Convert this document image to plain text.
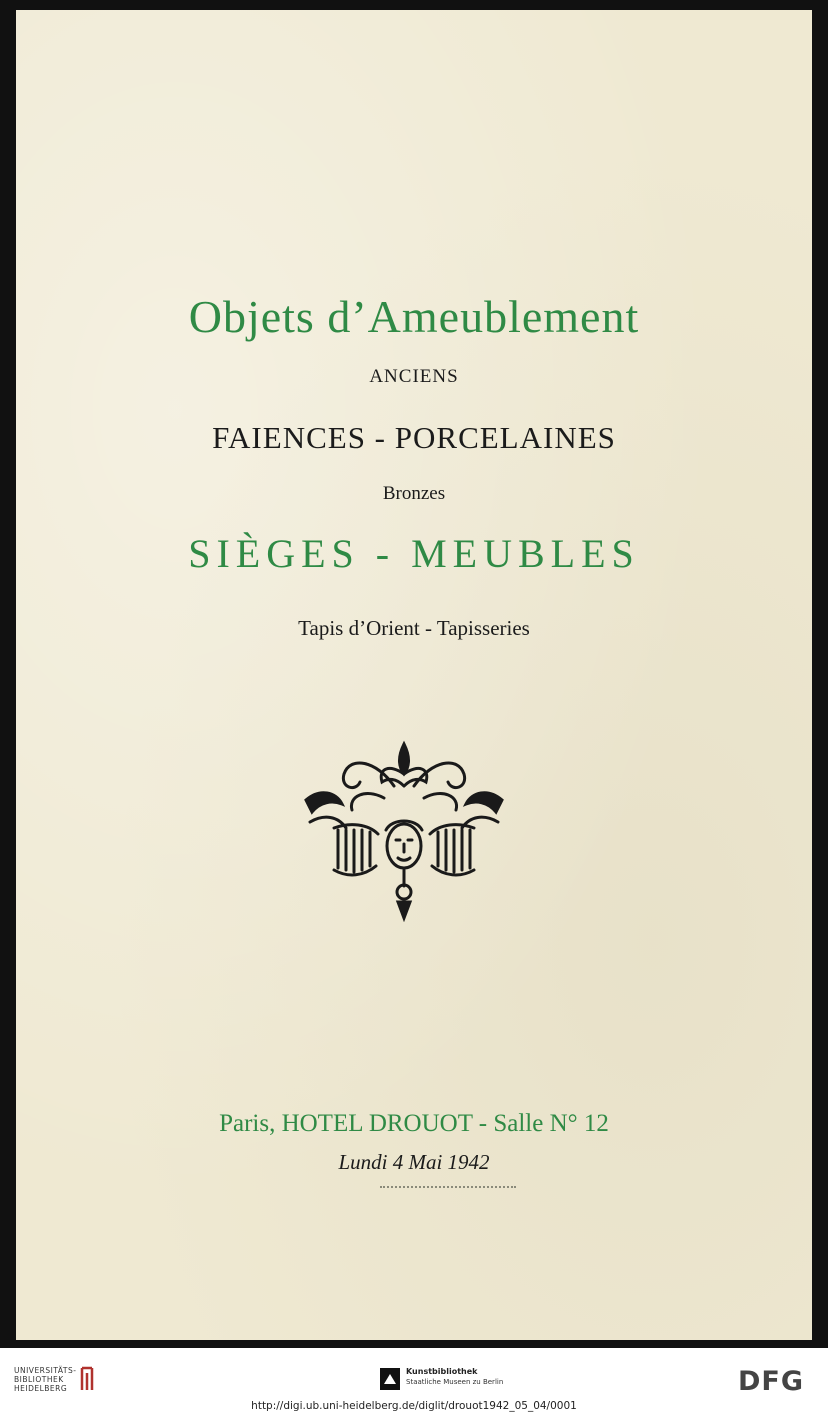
Objets d’Ameublement
ANCIENS
FAIENCES - PORCELAINES
Bronzes
SIÈGES - MEUBLES
Tapis d’Orient - Tapisseries
Paris, HOTEL DROUOT - Salle N° 12
Lundi 4 Mai 1942
UNIVERSITÄTS- BIBLIOTHEK HEIDELBERG
Kunstbibliothek
Staatliche Museen zu Berlin	DFG
http://digi.ub.uni-heidelberg.de/diglit/drouot1942_05_04/0001
